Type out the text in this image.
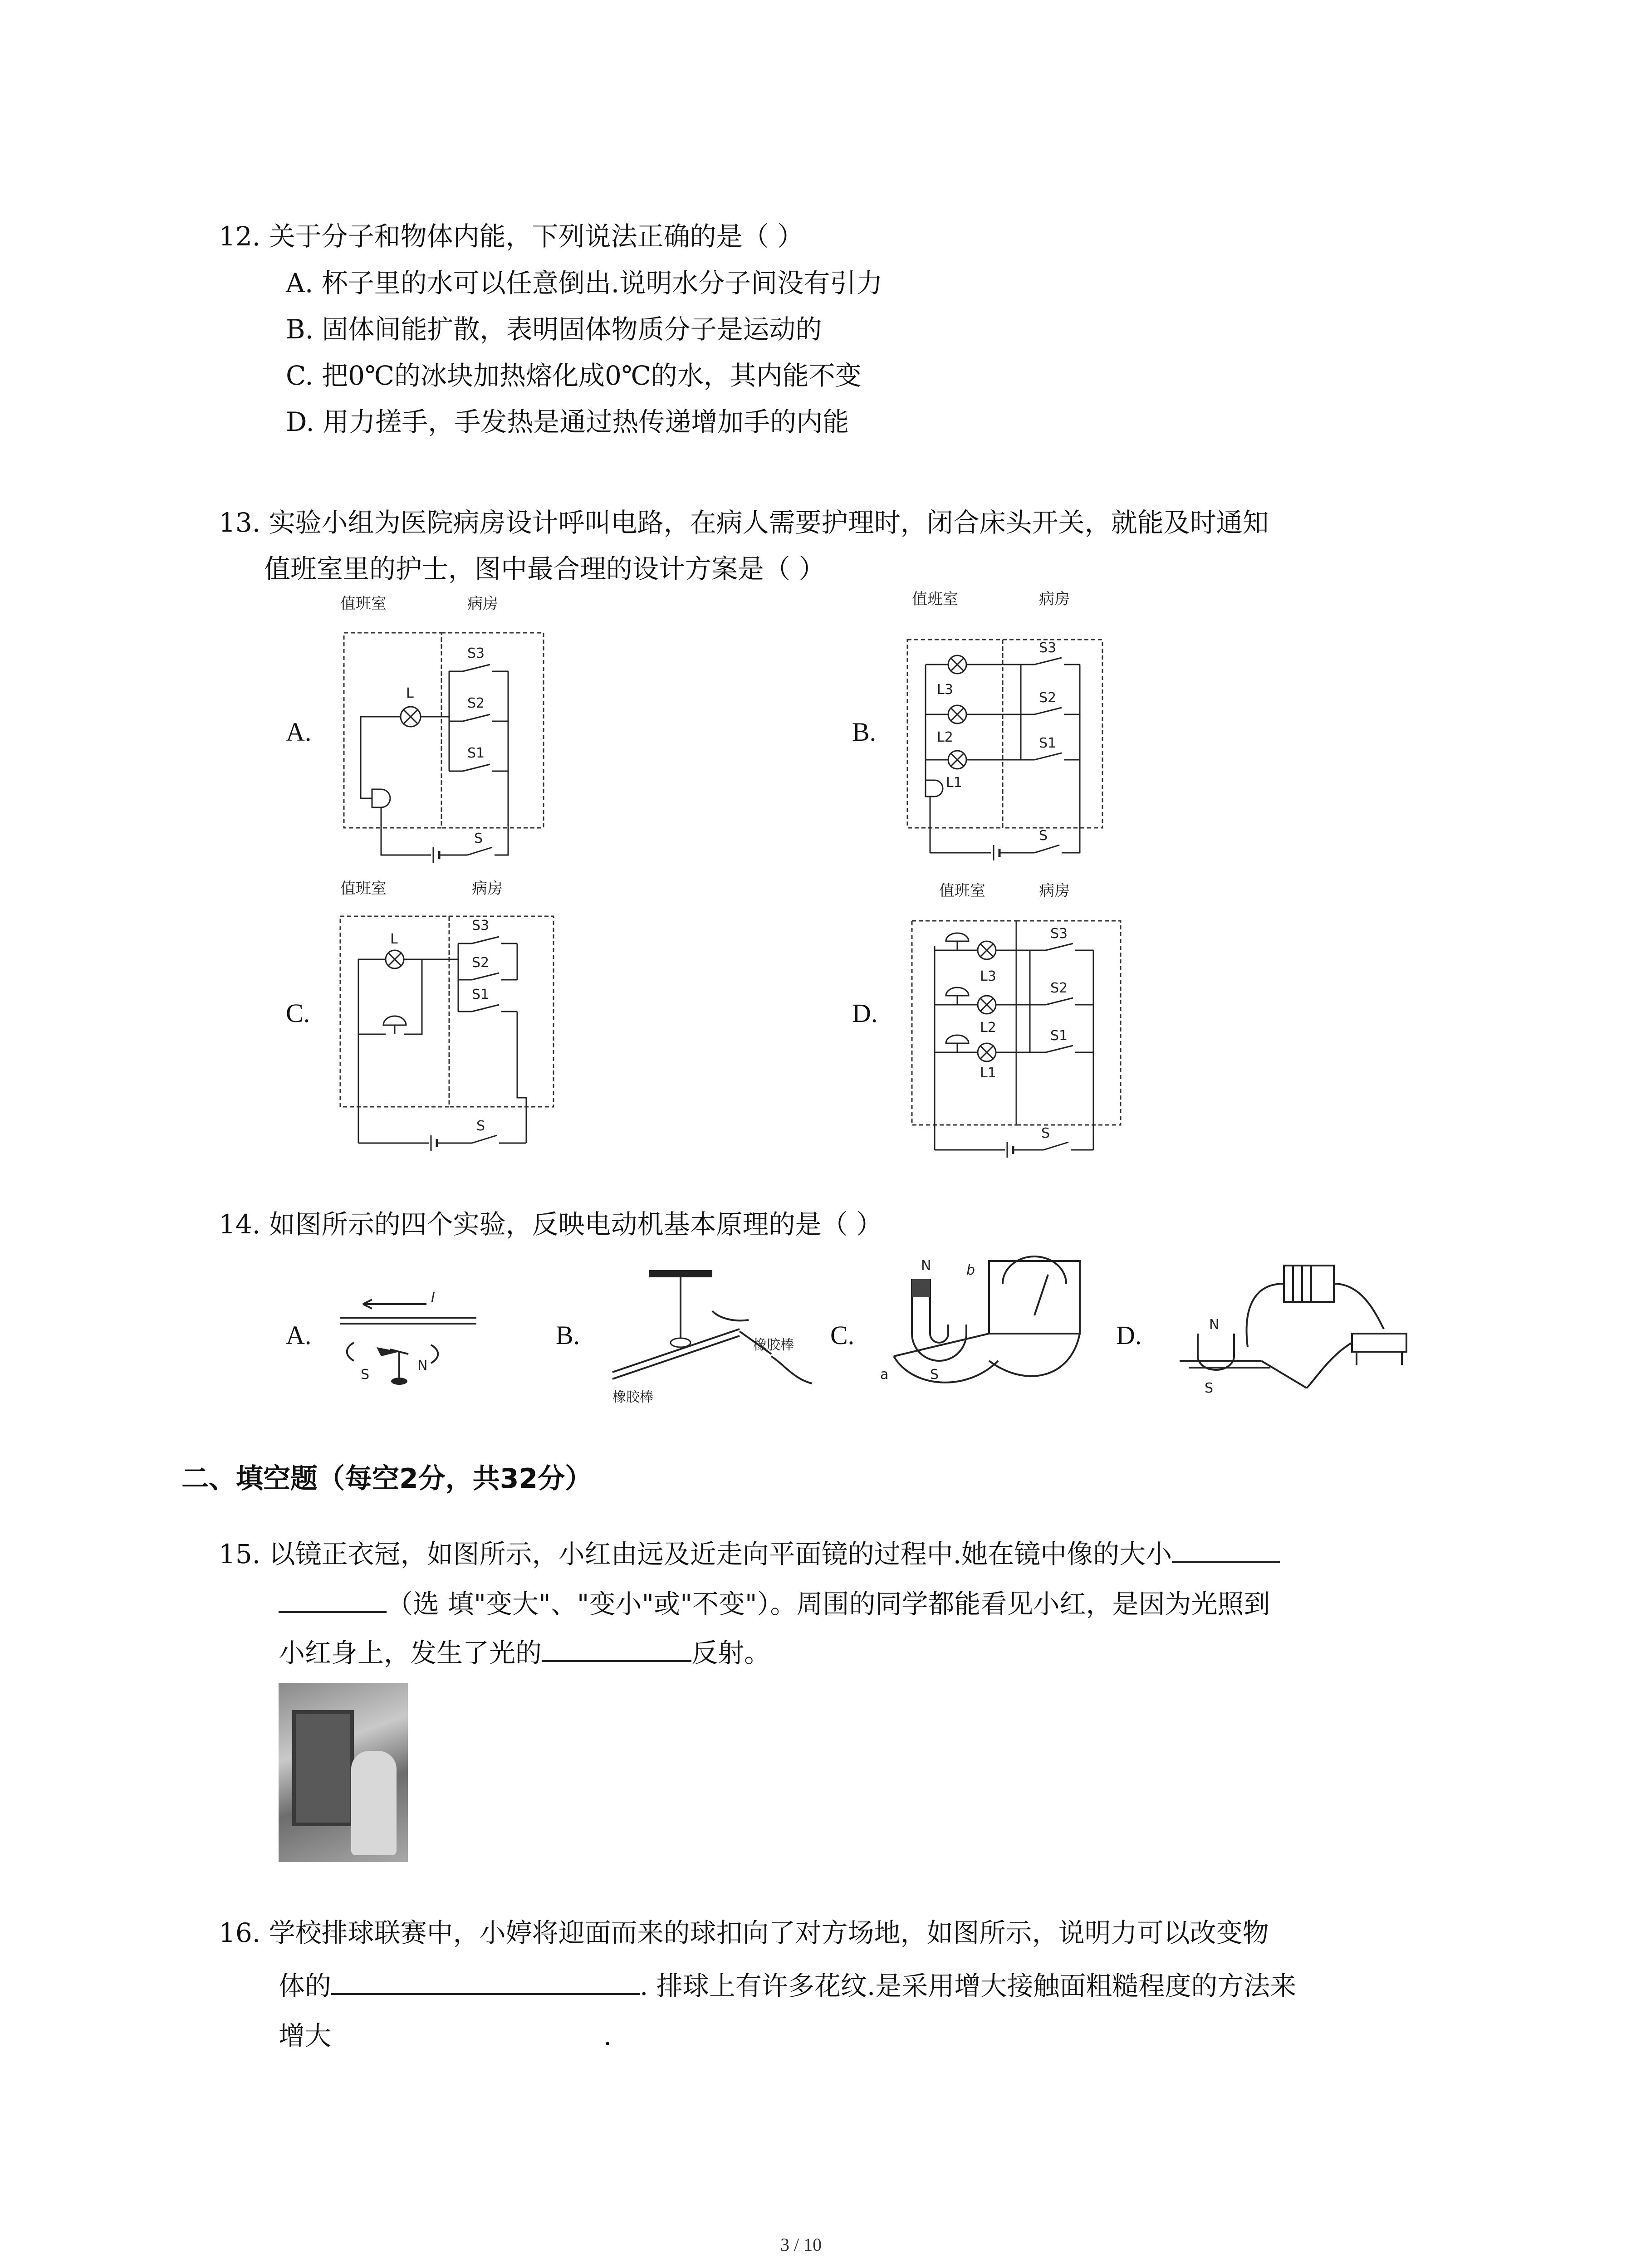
12. 关于分子和物体内能，下列说法正确的是（ ）
A. 杯子里的水可以任意倒出.说明水分子间没有引力
B. 固体间能扩散，表明固体物质分子是运动的
C. 把0℃的冰块加热熔化成0℃的水，其内能不变
D. 用力搓手，手发热是通过热传递增加手的内能
13. 实验小组为医院病房设计呼叫电路，在病人需要护理时，闭合床头开关，就能及时通知
值班室里的护士，图中最合理的设计方案是（ ）
A.	B.
C.	D.
值班室	病房
L
S3
S2
S1
S
值班室	病房
L3
L2
L1
S3
S2
S1
S
值班室	病房
L
S3
S2
S1
S
值班室	病房
L3
L2
L1
S3
S2
S1
S
14. 如图所示的四个实验，反映电动机基本原理的是（ ）
A.	B.	C.	D.
I
S
N
橡胶棒
橡胶棒
N	b
a	S
N
S
二、填空题（每空2分，共32分）
15. 以镜正衣冠，如图所示，小红由远及近走向平面镜的过程中.她在镜中像的大小
（选 填"变大"、"变小"或"不变"）。周围的同学都能看见小红，是因为光照到
小红身上，发生了光的	反射。
16. 学校排球联赛中，小婷将迎面而来的球扣向了对方场地，如图所示，说明力可以改变物
体的	. 排球上有许多花纹.是采用增大接触面粗糙程度的方法来
增大	.
3 / 10
